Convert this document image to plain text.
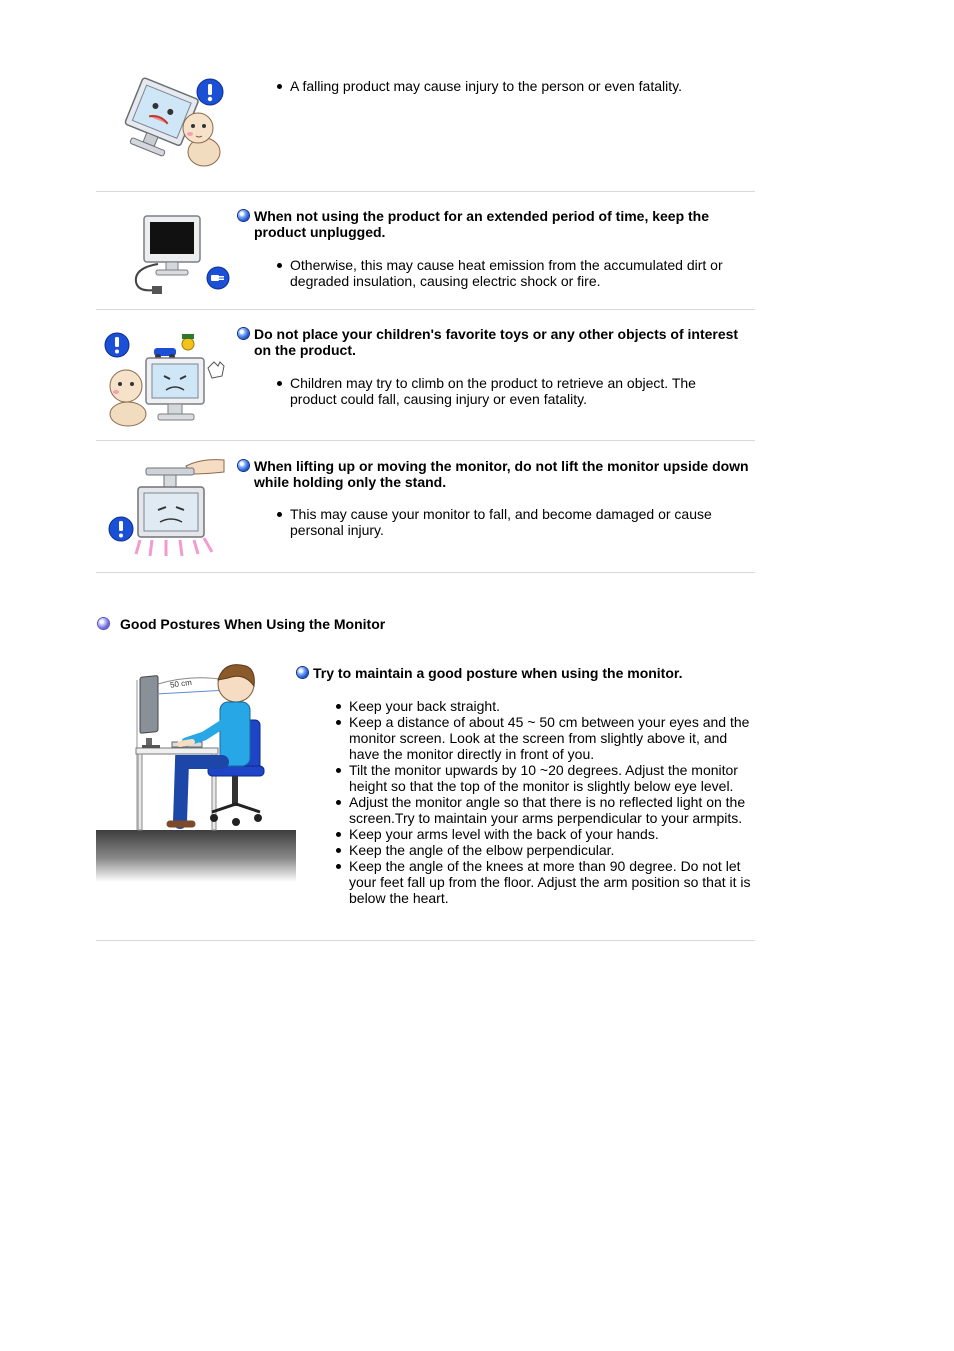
A falling product may cause injury to the person or even fatality.
When not using the product for an extended period of time, keep the product unplugged.
Otherwise, this may cause heat emission from the accumulated dirt or degraded insulation, causing electric shock or fire.
Do not place your children's favorite toys or any other objects of interest on the product.
Children may try to climb on the product to retrieve an object. The product could fall, causing injury or even fatality.
When lifting up or moving the monitor, do not lift the monitor upside down while holding only the stand.
This may cause your monitor to fall, and become damaged or cause personal injury.
Good Postures When Using the Monitor
50 cm
Try to maintain a good posture when using the monitor.
Keep your back straight.
Keep a distance of about 45 ~ 50 cm between your eyes and the monitor screen. Look at the screen from slightly above it, and have the monitor directly in front of you.
Tilt the monitor upwards by 10 ~20 degrees. Adjust the monitor height so that the top of the monitor is slightly below eye level.
Adjust the monitor angle so that there is no reflected light on the screen.Try to maintain your arms perpendicular to your armpits.
Keep your arms level with the back of your hands.
Keep the angle of the elbow perpendicular.
Keep the angle of the knees at more than 90 degree. Do not let your feet fall up from the floor. Adjust the arm position so that it is below the heart.
